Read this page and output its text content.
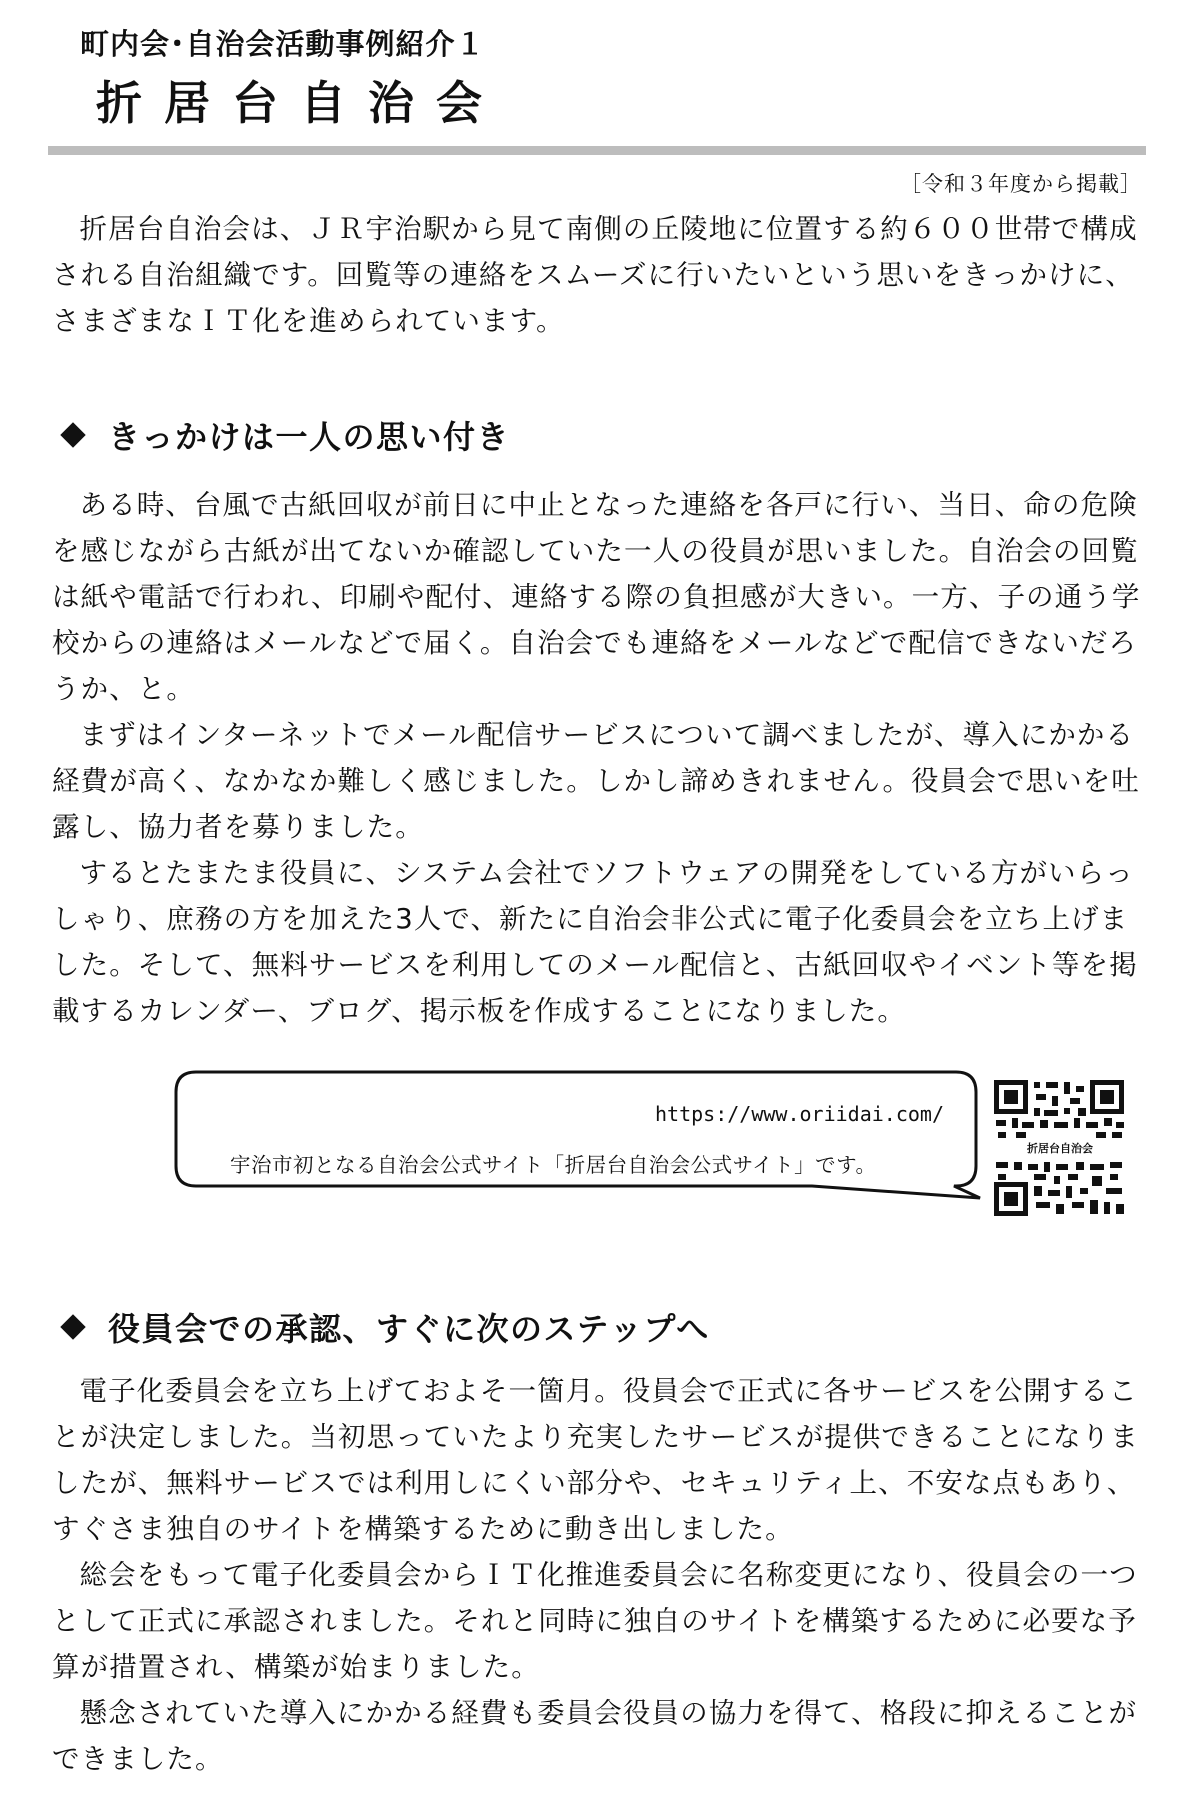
町内会･自治会活動事例紹介１
折居台自治会
［令和３年度から掲載］

折居台自治会は、ＪＲ宇治駅から見て南側の丘陵地に位置する約６００世帯で構成される自治組織です。回覧等の連絡をスムーズに行いたいという思いをきっかけに、さまざまなＩＴ化を進められています。

きっかけは一人の思い付き

ある時、台風で古紙回収が前日に中止となった連絡を各戸に行い、当日、命の危険を感じながら古紙が出てないか確認していた一人の役員が思いました。自治会の回覧は紙や電話で行われ、印刷や配付、連絡する際の負担感が大きい。一方、子の通う学校からの連絡はメールなどで届く。自治会でも連絡をメールなどで配信できないだろうか、と。

まずはインターネットでメール配信サービスについて調べましたが、導入にかかる経費が高く、なかなか難しく感じました。しかし諦めきれません。役員会で思いを吐露し、協力者を募りました。

するとたまたま役員に、システム会社でソフトウェアの開発をしている方がいらっしゃり、庶務の方を加えた3人で、新たに自治会非公式に電子化委員会を立ち上げました。そして、無料サービスを利用してのメール配信と、古紙回収やイベント等を掲載するカレンダー、ブログ、掲示板を作成することになりました。

https://www.oriidai.com/
宇治市初となる自治会公式サイト「折居台自治会公式サイト」です。
折居台自治会
役員会での承認、すぐに次のステップへ

電子化委員会を立ち上げておよそ一箇月。役員会で正式に各サービスを公開することが決定しました。当初思っていたより充実したサービスが提供できることになりましたが、無料サービスでは利用しにくい部分や、セキュリティ上、不安な点もあり、すぐさま独自のサイトを構築するために動き出しました。

総会をもって電子化委員会からＩＴ化推進委員会に名称変更になり、役員会の一つとして正式に承認されました。それと同時に独自のサイトを構築するために必要な予算が措置され、構築が始まりました。

懸念されていた導入にかかる経費も委員会役員の協力を得て、格段に抑えることができました。
